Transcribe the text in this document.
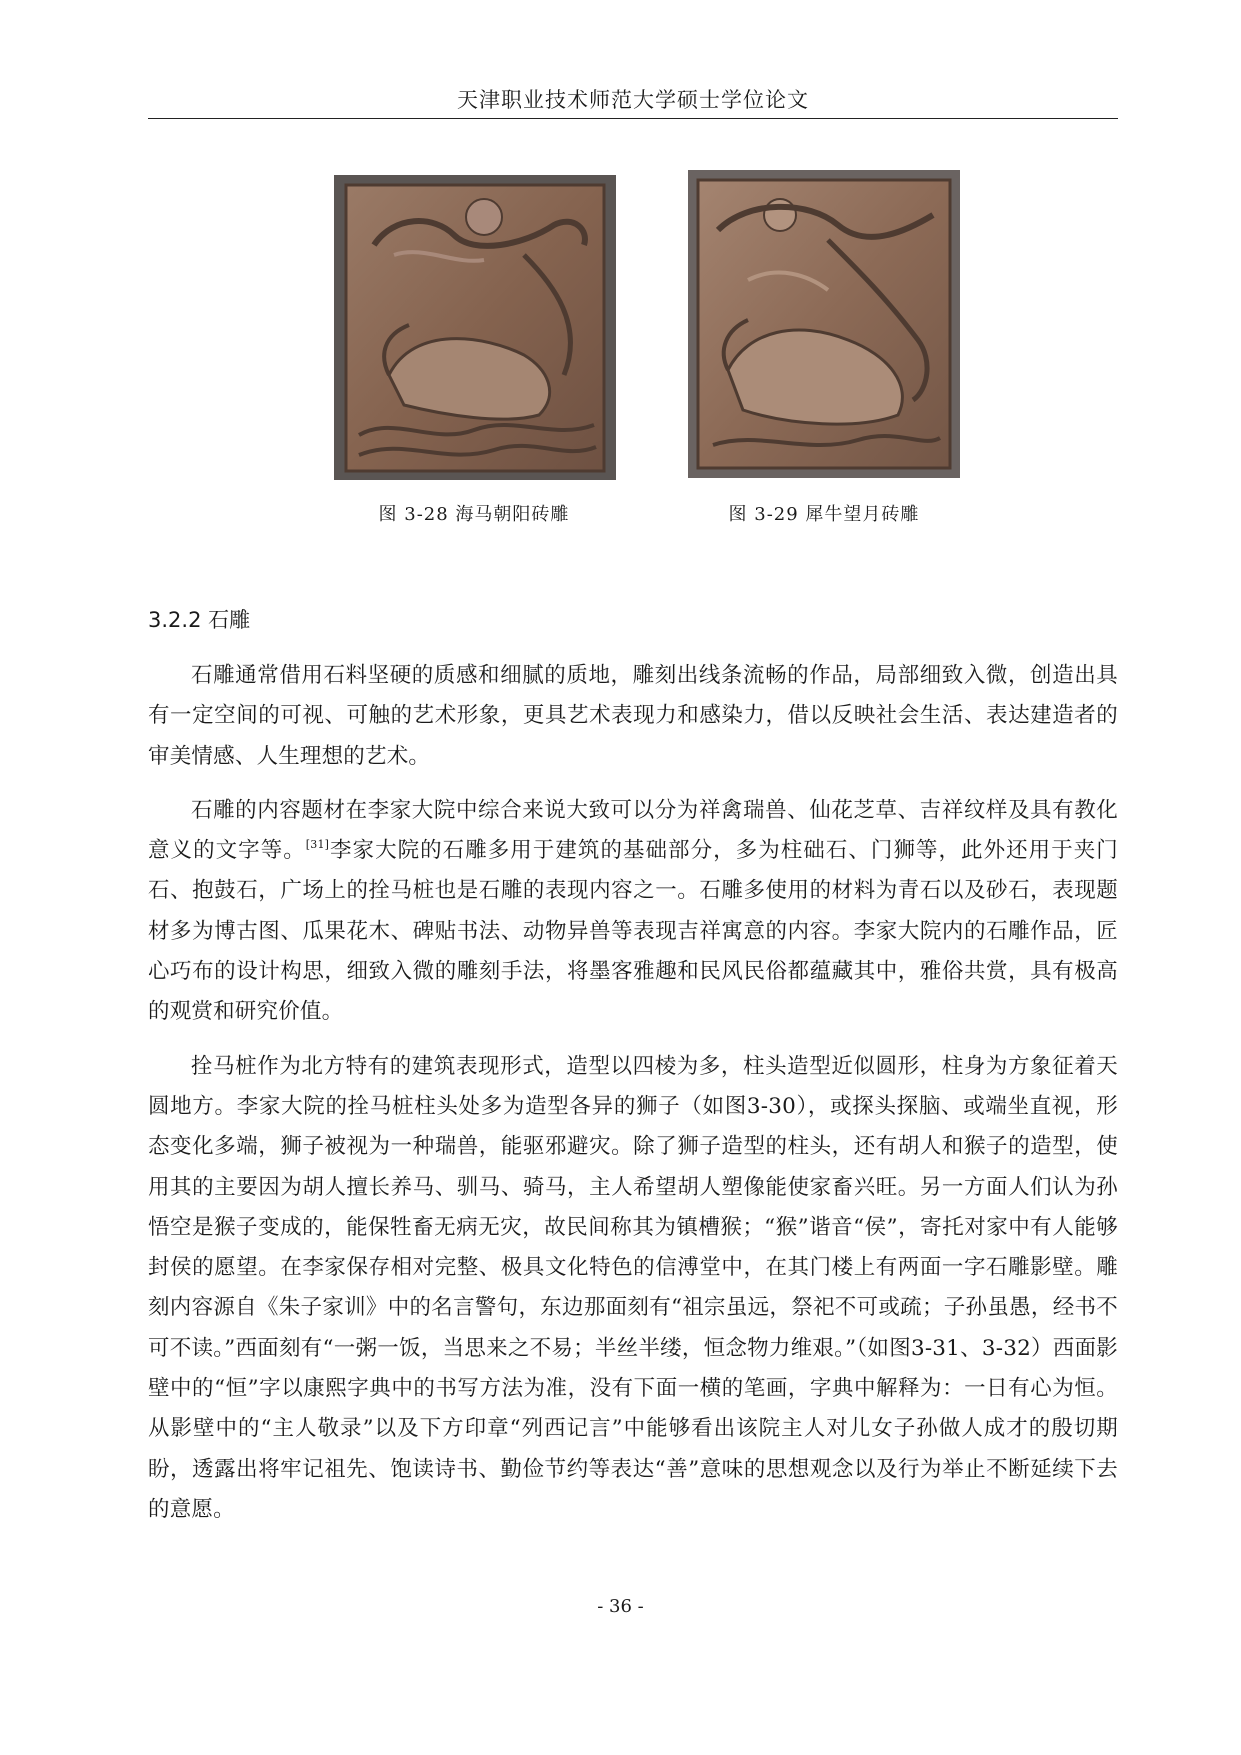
天津职业技术师范大学硕士学位论文
图 3-28 海马朝阳砖雕	图 3-29 犀牛望月砖雕
3.2.2 石雕

石雕通常借用石料坚硬的质感和细腻的质地，雕刻出线条流畅的作品，局部细致入微，创造出具有一定空间的可视、可触的艺术形象，更具艺术表现力和感染力，借以反映社会生活、表达建造者的审美情感、人生理想的艺术。

石雕的内容题材在李家大院中综合来说大致可以分为祥禽瑞兽、仙花芝草、吉祥纹样及具有教化意义的文字等。[31]李家大院的石雕多用于建筑的基础部分，多为柱础石、门狮等，此外还用于夹门石、抱鼓石，广场上的拴马桩也是石雕的表现内容之一。石雕多使用的材料为青石以及砂石，表现题材多为博古图、瓜果花木、碑贴书法、动物异兽等表现吉祥寓意的内容。李家大院内的石雕作品，匠心巧布的设计构思，细致入微的雕刻手法，将墨客雅趣和民风民俗都蕴藏其中，雅俗共赏，具有极高的观赏和研究价值。

拴马桩作为北方特有的建筑表现形式，造型以四棱为多，柱头造型近似圆形，柱身为方象征着天圆地方。李家大院的拴马桩柱头处多为造型各异的狮子（如图3-30），或探头探脑、或端坐直视，形态变化多端，狮子被视为一种瑞兽，能驱邪避灾。除了狮子造型的柱头，还有胡人和猴子的造型，使用其的主要因为胡人擅长养马、驯马、骑马，主人希望胡人塑像能使家畜兴旺。另一方面人们认为孙悟空是猴子变成的，能保牲畜无病无灾，故民间称其为镇槽猴；“猴”谐音“侯”，寄托对家中有人能够封侯的愿望。在李家保存相对完整、极具文化特色的信溥堂中，在其门楼上有两面一字石雕影壁。雕刻内容源自《朱子家训》中的名言警句，东边那面刻有“祖宗虽远，祭祀不可或疏；子孙虽愚，经书不可不读。”西面刻有“一粥一饭，当思来之不易；半丝半缕，恒念物力维艰。”（如图3-31、3-32）西面影壁中的“恒”字以康熙字典中的书写方法为准，没有下面一横的笔画，字典中解释为：一日有心为恒。从影壁中的“主人敬录”以及下方印章“列西记言”中能够看出该院主人对儿女子孙做人成才的殷切期盼，透露出将牢记祖先、饱读诗书、勤俭节约等表达“善”意味的思想观念以及行为举止不断延续下去的意愿。

- 36 -
